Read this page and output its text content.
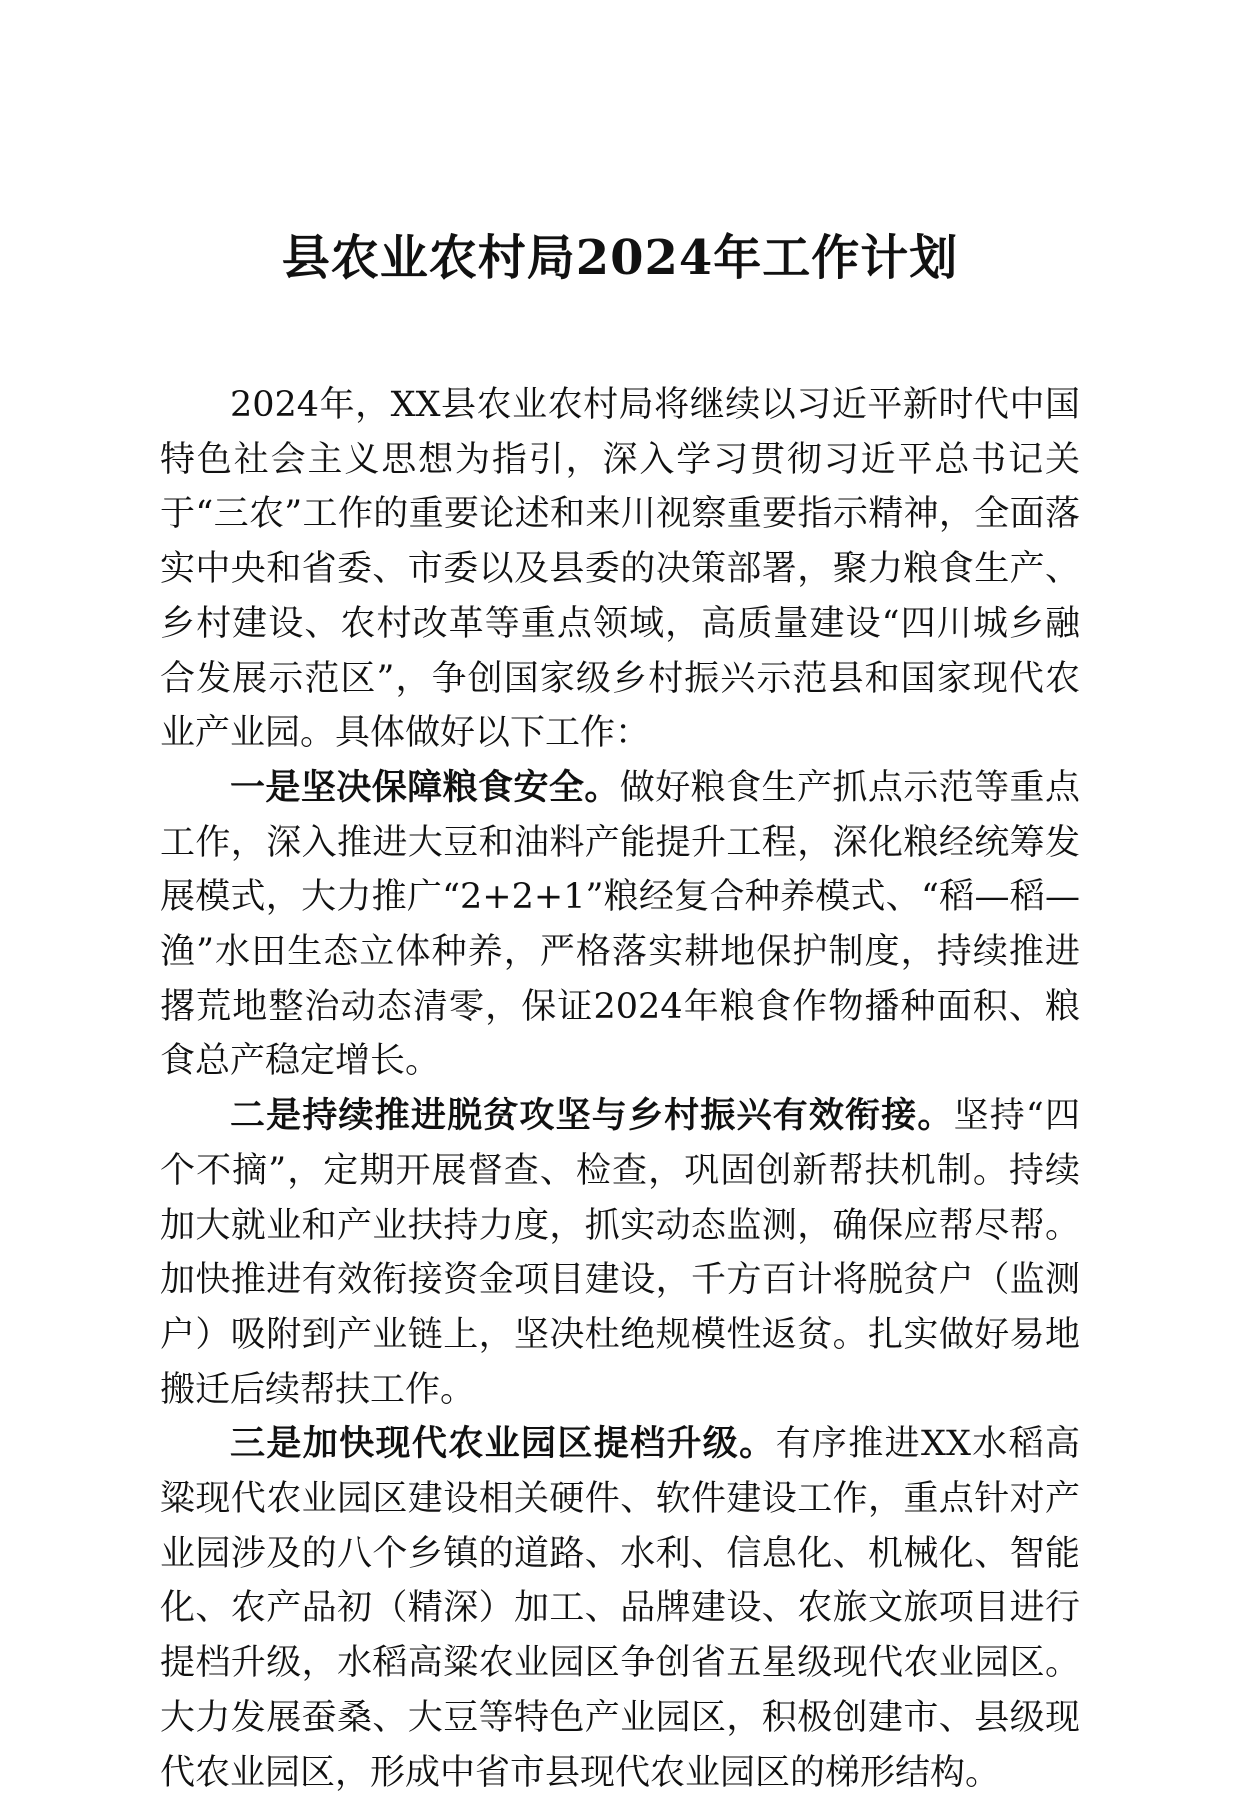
县农业农村局2024年工作计划

2024年，XX县农业农村局将继续以习近平新时代中国特色社会主义思想为指引，深入学习贯彻习近平总书记关于“三农”工作的重要论述和来川视察重要指示精神，全面落实中央和省委、市委以及县委的决策部署，聚力粮食生产、乡村建设、农村改革等重点领域，高质量建设“四川城乡融合发展示范区”，争创国家级乡村振兴示范县和国家现代农业产业园。具体做好以下工作：

一是坚决保障粮食安全。做好粮食生产抓点示范等重点工作，深入推进大豆和油料产能提升工程，深化粮经统筹发展模式，大力推广“2+2+1”粮经复合种养模式、“稻—稻—渔”水田生态立体种养，严格落实耕地保护制度，持续推进撂荒地整治动态清零，保证2024年粮食作物播种面积、粮食总产稳定增长。

二是持续推进脱贫攻坚与乡村振兴有效衔接。坚持“四个不摘”，定期开展督查、检查，巩固创新帮扶机制。持续加大就业和产业扶持力度，抓实动态监测，确保应帮尽帮。加快推进有效衔接资金项目建设，千方百计将脱贫户（监测户）吸附到产业链上，坚决杜绝规模性返贫。扎实做好易地搬迁后续帮扶工作。

三是加快现代农业园区提档升级。有序推进XX水稻高粱现代农业园区建设相关硬件、软件建设工作，重点针对产业园涉及的八个乡镇的道路、水利、信息化、机械化、智能化、农产品初（精深）加工、品牌建设、农旅文旅项目进行提档升级，水稻高粱农业园区争创省五星级现代农业园区。大力发展蚕桑、大豆等特色产业园区，积极创建市、县级现代农业园区，形成中省市县现代农业园区的梯形结构。
